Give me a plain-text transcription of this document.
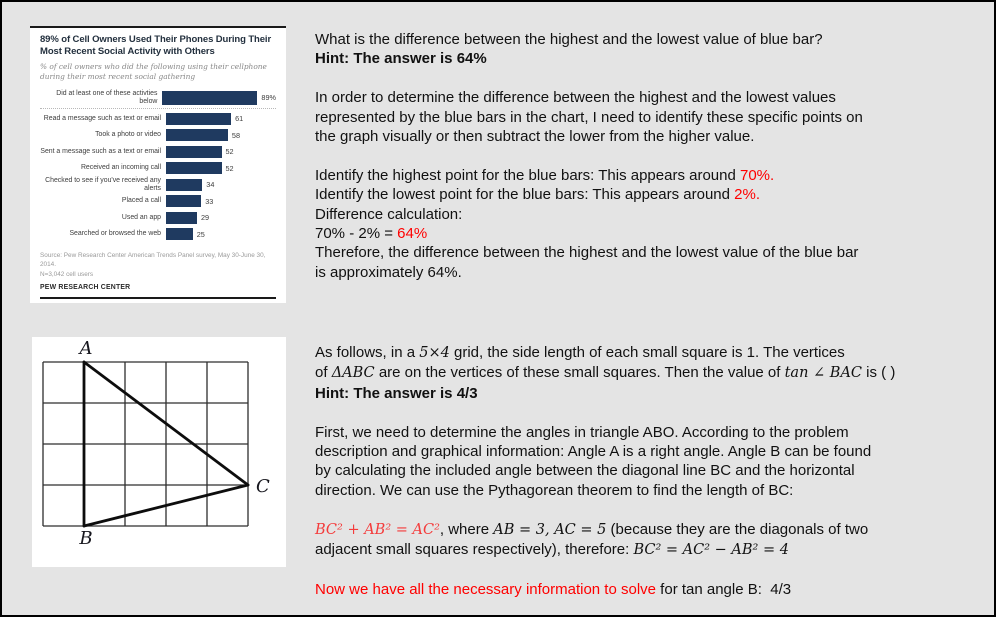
89% of Cell Owners Used Their Phones During Their Most Recent Social Activity with Others
% of cell owners who did the following using their cellphone during their most recent social gathering
Did at least one of these activties below	89%
Read a message such as text or email	61
Took a photo or video	58
Sent a message such as a text or email	52
Received an incoming call	52
Checked to see if you've received any alerts	34
Placed a call	33
Used an app	29
Searched or browsed the web	25
Source: Pew Research Center American Trends Panel survey, May 30-June 30, 2014.
N=3,042 cell users
PEW RESEARCH CENTER
A
B
C
What is the difference between the highest and the lowest value of blue bar?
Hint: The answer is 64%

In order to determine the difference between the highest and the lowest values
represented by the blue bars in the chart, I need to identify these specific points on
the graph visually or then subtract the lower from the higher value.

Identify the highest point for the blue bars: This appears around 70%.
Identify the lowest point for the blue bars: This appears around 2%.
Difference calculation:
70% - 2% = 64%
Therefore, the difference between the highest and the lowest value of the blue bar
is approximately 64%.
As follows, in a 5×4 grid, the side length of each small square is 1. The vertices
of ΔABC are on the vertices of these small squares. Then the value of tan ∠ BAC is ( )
Hint: The answer is 4/3

First, we need to determine the angles in triangle ABO. According to the problem
description and graphical information: Angle A is a right angle. Angle B can be found
by calculating the included angle between the diagonal line BC and the horizontal
direction. We can use the Pythagorean theorem to find the length of BC:

BC² + AB² = AC², where AB = 3, AC = 5 (because they are the diagonals of two
adjacent small squares respectively), therefore: BC² = AC² − AB² = 4

Now we have all the necessary information to solve for tan angle B:  4/3
